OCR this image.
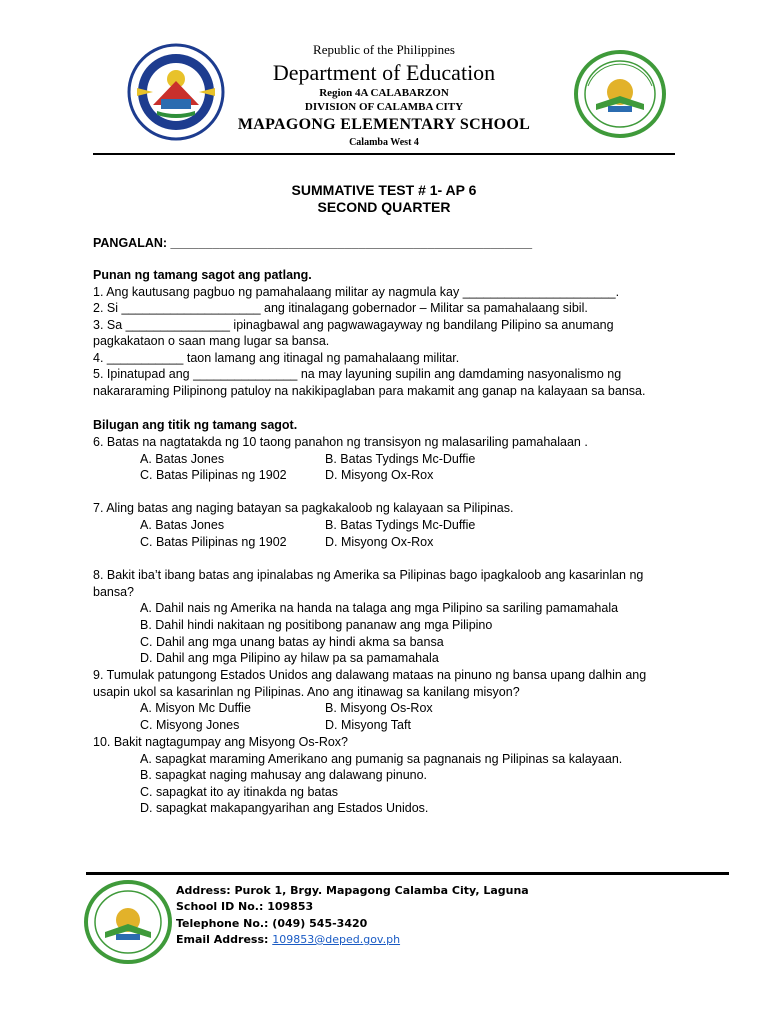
Republic of the Philippines
Department of Education
Region 4A CALABARZON
DIVISION OF CALAMBA CITY
MAPAGONG ELEMENTARY SCHOOL
Calamba West 4
SUMMATIVE TEST # 1- AP 6
SECOND QUARTER
PANGALAN: ____________________________________________________
Punan ng tamang sagot ang patlang.
1. Ang kautusang pagbuo ng pamahalaang militar ay nagmula kay ______________________.
2. Si ____________________ ang itinalagang gobernador – Militar sa pamahalaang sibil.
3. Sa _______________ ipinagbawal ang pagwawagayway ng bandilang Pilipino sa anumang
pagkakataon o saan mang lugar sa bansa.
4. ___________ taon lamang ang itinagal ng pamahalaang militar.
5. Ipinatupad ang _______________ na may layuning supilin ang damdaming nasyonalismo ng
nakararaming Pilipinong patuloy na nakikipaglaban para makamit ang ganap na kalayaan sa bansa.
Bilugan ang titik ng tamang sagot.
6. Batas na nagtatakda ng 10 taong panahon ng transisyon ng malasariling pamahalaan .
A. Batas Jones	B. Batas Tydings Mc-Duffie
C. Batas Pilipinas ng 1902	D. Misyong Ox-Rox
7. Aling batas ang naging batayan sa pagkakaloob ng kalayaan sa Pilipinas.
A. Batas Jones	B. Batas Tydings Mc-Duffie
C. Batas Pilipinas ng 1902	D. Misyong Ox-Rox
8. Bakit iba’t ibang batas ang ipinalabas ng Amerika sa Pilipinas bago ipagkaloob ang kasarinlan ng
bansa?
A. Dahil nais ng Amerika na handa na talaga ang mga Pilipino sa sariling pamamahala
B. Dahil hindi nakitaan ng positibong pananaw ang mga Pilipino
C. Dahil ang mga unang batas ay hindi akma sa bansa
D. Dahil ang mga Pilipino ay hilaw pa sa pamamahala
9. Tumulak patungong Estados Unidos ang dalawang mataas na pinuno ng bansa upang dalhin ang
usapin ukol sa kasarinlan ng Pilipinas. Ano ang itinawag sa kanilang misyon?
A. Misyon Mc Duffie	B. Misyong Os-Rox
C. Misyong Jones	D. Misyong Taft
10. Bakit nagtagumpay ang Misyong Os-Rox?
A. sapagkat maraming Amerikano ang pumanig sa pagnanais ng Pilipinas sa kalayaan.
B. sapagkat naging mahusay ang dalawang pinuno.
C. sapagkat ito ay itinakda ng batas
D. sapagkat makapangyarihan ang Estados Unidos.
Address: Purok 1, Brgy. Mapagong Calamba City, Laguna
School ID No.: 109853
Telephone No.: (049) 545-3420
Email Address: 109853@deped.gov.ph
